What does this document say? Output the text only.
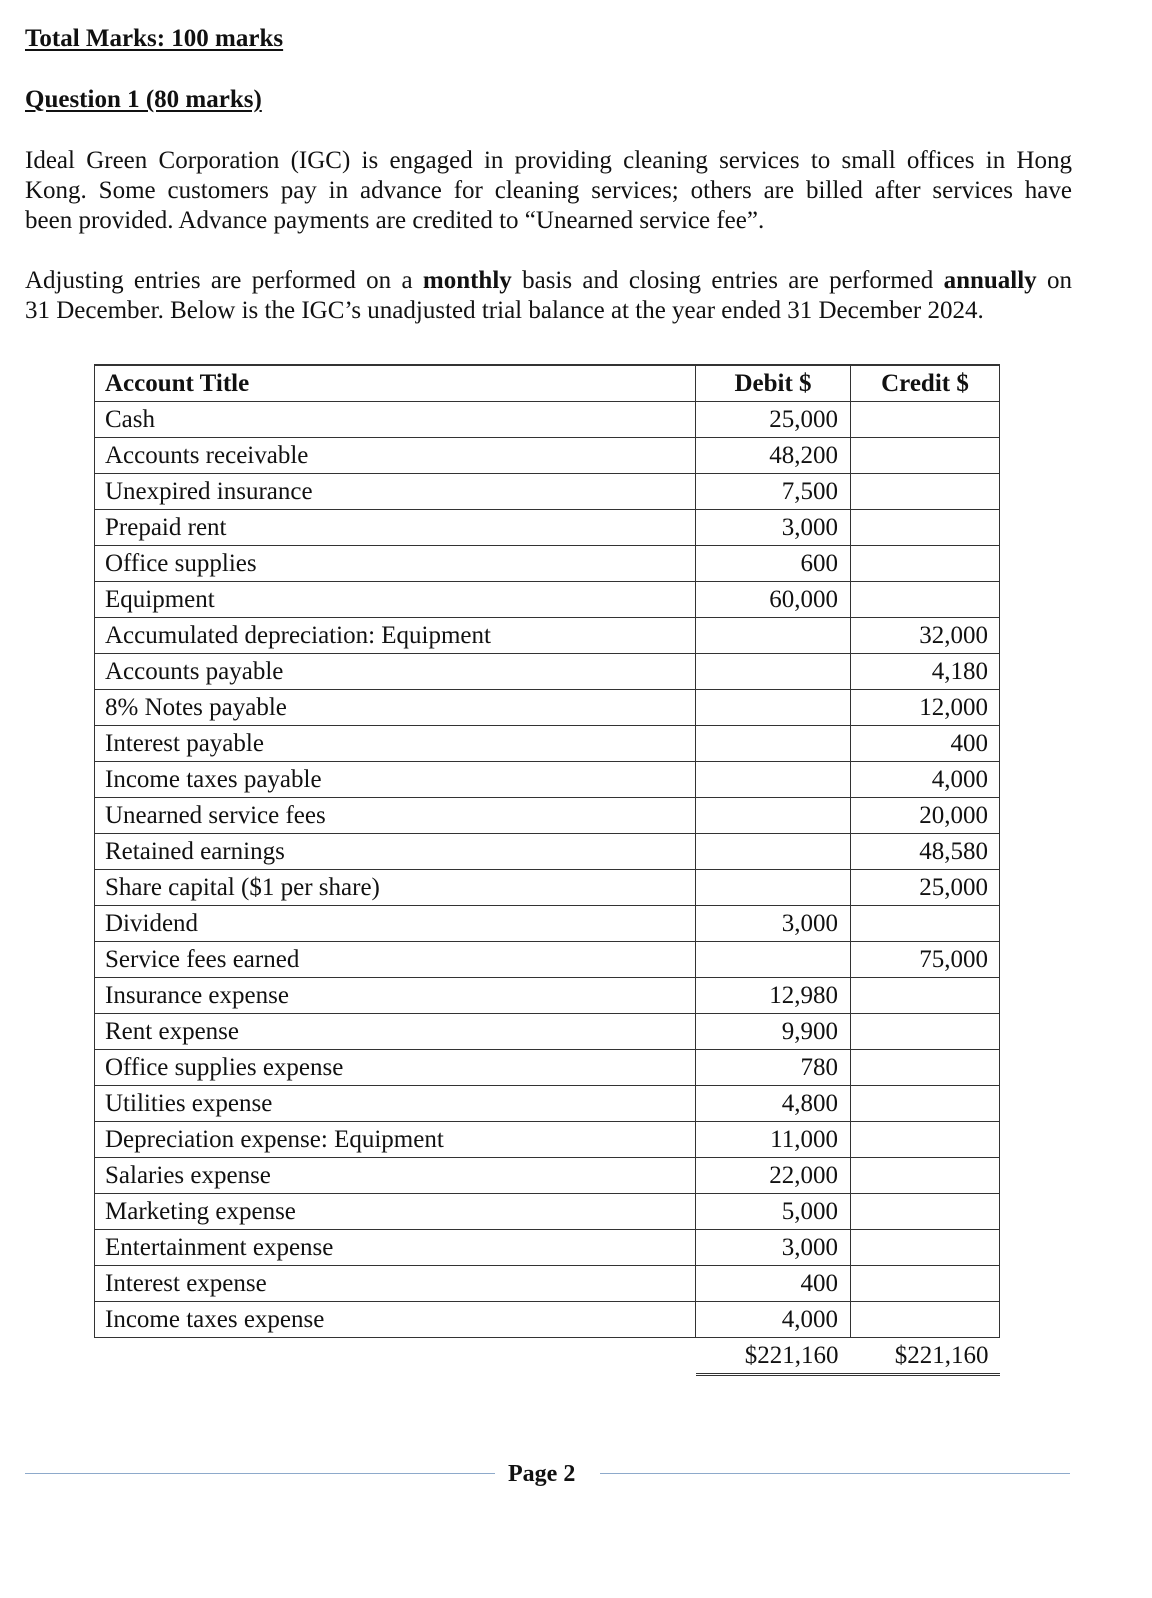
Total Marks: 100 marks
Question 1 (80 marks)

Ideal Green Corporation (IGC) is engaged in providing cleaning services to small offices in Hong
Kong. Some customers pay in advance for cleaning services; others are billed after services have
been provided. Advance payments are credited to “Unearned service fee”.

Adjusting entries are performed on a monthly basis and closing entries are performed annually on
31 December. Below is the IGC’s unadjusted trial balance at the year ended 31 December 2024.

Account Title	Debit $	Credit $
Cash	25,000	
Accounts receivable	48,200	
Unexpired insurance	7,500	
Prepaid rent	3,000	
Office supplies	600	
Equipment	60,000	
Accumulated depreciation: Equipment		32,000
Accounts payable		4,180
8% Notes payable		12,000
Interest payable		400
Income taxes payable		4,000
Unearned service fees		20,000
Retained earnings		48,580
Share capital ($1 per share)		25,000
Dividend	3,000	
Service fees earned		75,000
Insurance expense	12,980	
Rent expense	9,900	
Office supplies expense	780	
Utilities expense	4,800	
Depreciation expense: Equipment	11,000	
Salaries expense	22,000	
Marketing expense	5,000	
Entertainment expense	3,000	
Interest expense	400	
Income taxes expense	4,000	
	$221,160	$221,160
Page 2
